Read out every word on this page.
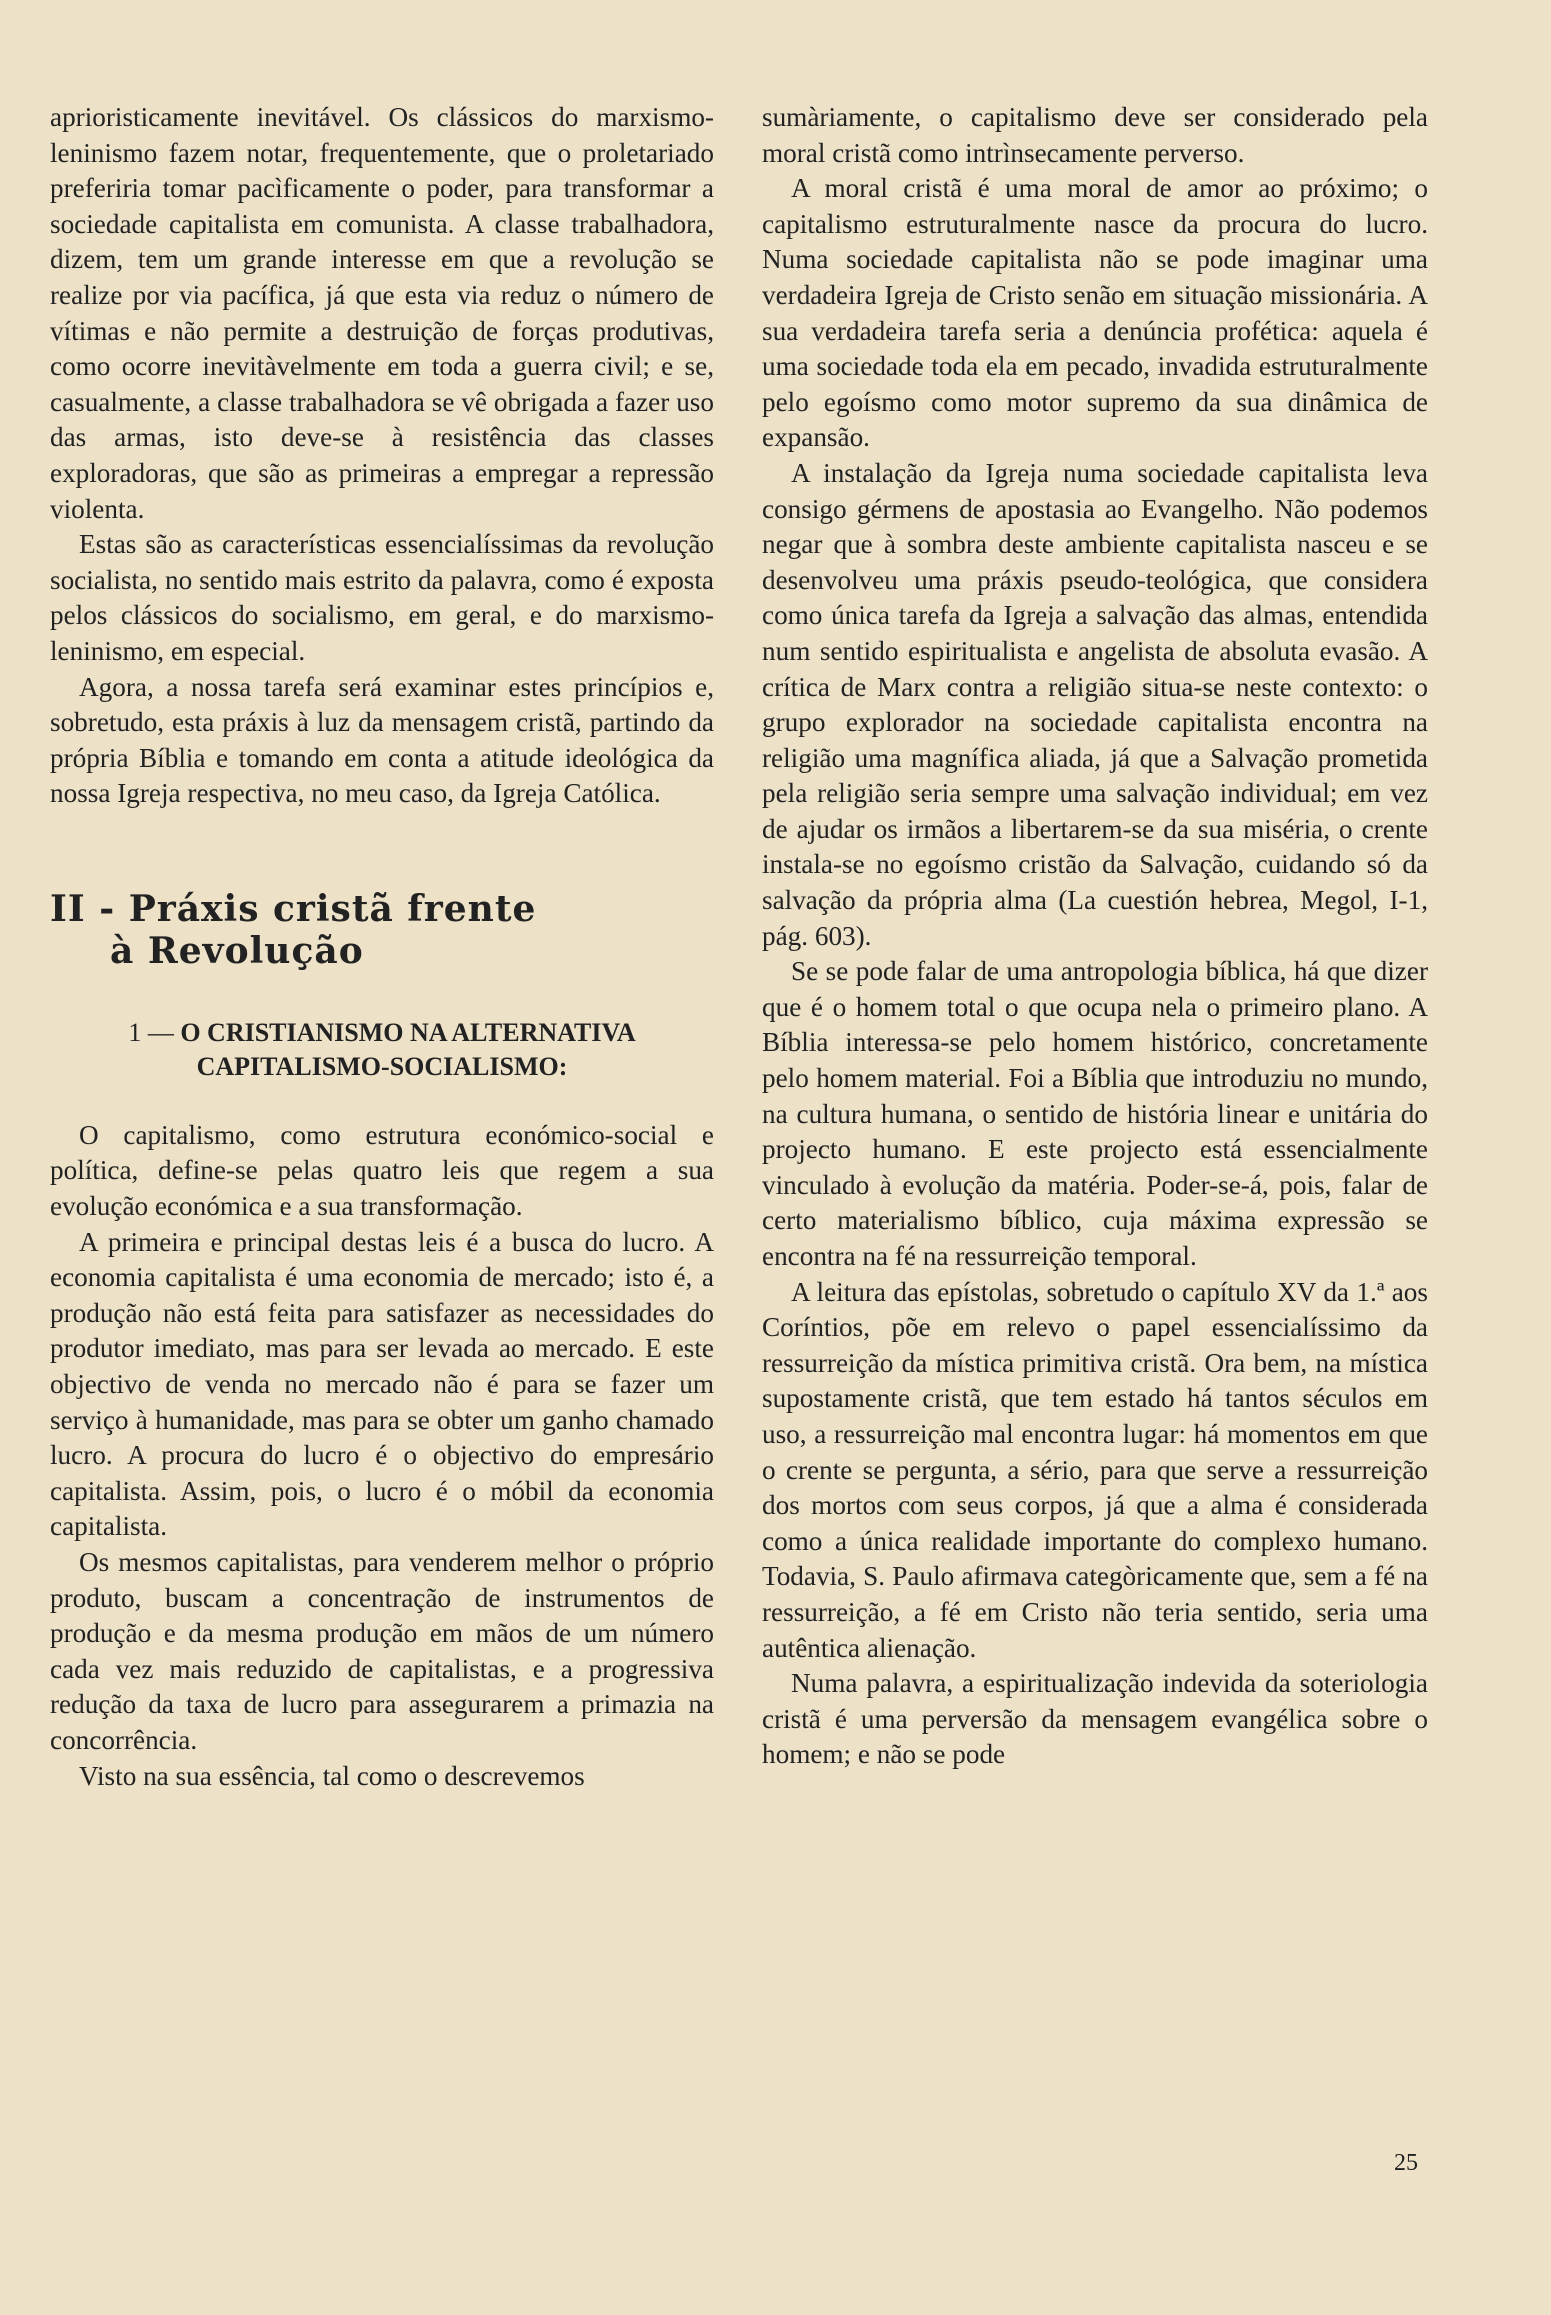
aprioristicamente inevitável. Os clássicos do marxismo-leninismo fazem notar, frequentemente, que o proletariado preferiria tomar pacìficamente o poder, para transformar a sociedade capitalista em comunista. A classe trabalhadora, dizem, tem um grande interesse em que a revolução se realize por via pacífica, já que esta via reduz o número de vítimas e não permite a destruição de forças produtivas, como ocorre inevitàvelmente em toda a guerra civil; e se, casualmente, a classe trabalhadora se vê obrigada a fazer uso das armas, isto deve-se à resistência das classes exploradoras, que são as primeiras a empregar a repressão violenta.

Estas são as características essencialíssimas da revolução socialista, no sentido mais estrito da palavra, como é exposta pelos clássicos do socialismo, em geral, e do marxismo-leninismo, em especial.

Agora, a nossa tarefa será examinar estes princípios e, sobretudo, esta práxis à luz da mensagem cristã, partindo da própria Bíblia e tomando em conta a atitude ideológica da nossa Igreja respectiva, no meu caso, da Igreja Católica.

II - Práxis cristã frente
à Revolução
1 — O CRISTIANISMO NA ALTERNATIVA
CAPITALISMO-SOCIALISMO:

O capitalismo, como estrutura económico-social e política, define-se pelas quatro leis que regem a sua evolução económica e a sua transformação.

A primeira e principal destas leis é a busca do lucro. A economia capitalista é uma economia de mercado; isto é, a produção não está feita para satisfazer as necessidades do produtor imediato, mas para ser levada ao mercado. E este objectivo de venda no mercado não é para se fazer um serviço à humanidade, mas para se obter um ganho chamado lucro. A procura do lucro é o objectivo do empresário capitalista. Assim, pois, o lucro é o móbil da economia capitalista.

Os mesmos capitalistas, para venderem melhor o próprio produto, buscam a concentração de instrumentos de produção e da mesma produção em mãos de um número cada vez mais reduzido de capitalistas, e a progressiva redução da taxa de lucro para assegurarem a primazia na concorrência.

Visto na sua essência, tal como o descrevemos

sumàriamente, o capitalismo deve ser considerado pela moral cristã como intrìnsecamente perverso.

A moral cristã é uma moral de amor ao próximo; o capitalismo estruturalmente nasce da procura do lucro. Numa sociedade capitalista não se pode imaginar uma verdadeira Igreja de Cristo senão em situação missionária. A sua verdadeira tarefa seria a denúncia profética: aquela é uma sociedade toda ela em pecado, invadida estruturalmente pelo egoísmo como motor supremo da sua dinâmica de expansão.

A instalação da Igreja numa sociedade capitalista leva consigo gérmens de apostasia ao Evangelho. Não podemos negar que à sombra deste ambiente capitalista nasceu e se desenvolveu uma práxis pseudo-teológica, que considera como única tarefa da Igreja a salvação das almas, entendida num sentido espiritualista e angelista de absoluta evasão. A crítica de Marx contra a religião situa-se neste contexto: o grupo explorador na sociedade capitalista encontra na religião uma magnífica aliada, já que a Salvação prometida pela religião seria sempre uma salvação individual; em vez de ajudar os irmãos a libertarem-se da sua miséria, o crente instala-se no egoísmo cristão da Salvação, cuidando só da salvação da própria alma (La cuestión hebrea, Megol, I-1, pág. 603).

Se se pode falar de uma antropologia bíblica, há que dizer que é o homem total o que ocupa nela o primeiro plano. A Bíblia interessa-se pelo homem histórico, concretamente pelo homem material. Foi a Bíblia que introduziu no mundo, na cultura humana, o sentido de história linear e unitária do projecto humano. E este projecto está essencialmente vinculado à evolução da matéria. Poder-se-á, pois, falar de certo materialismo bíblico, cuja máxima expressão se encontra na fé na ressurreição temporal.

A leitura das epístolas, sobretudo o capítulo XV da 1.ª aos Coríntios, põe em relevo o papel essencialíssimo da ressurreição da mística primitiva cristã. Ora bem, na mística supostamente cristã, que tem estado há tantos séculos em uso, a ressurreição mal encontra lugar: há momentos em que o crente se pergunta, a sério, para que serve a ressurreição dos mortos com seus corpos, já que a alma é considerada como a única realidade importante do complexo humano. Todavia, S. Paulo afirmava categòricamente que, sem a fé na ressurreição, a fé em Cristo não teria sentido, seria uma autêntica alienação.

Numa palavra, a espiritualização indevida da soteriologia cristã é uma perversão da mensagem evangélica sobre o homem; e não se pode

25
